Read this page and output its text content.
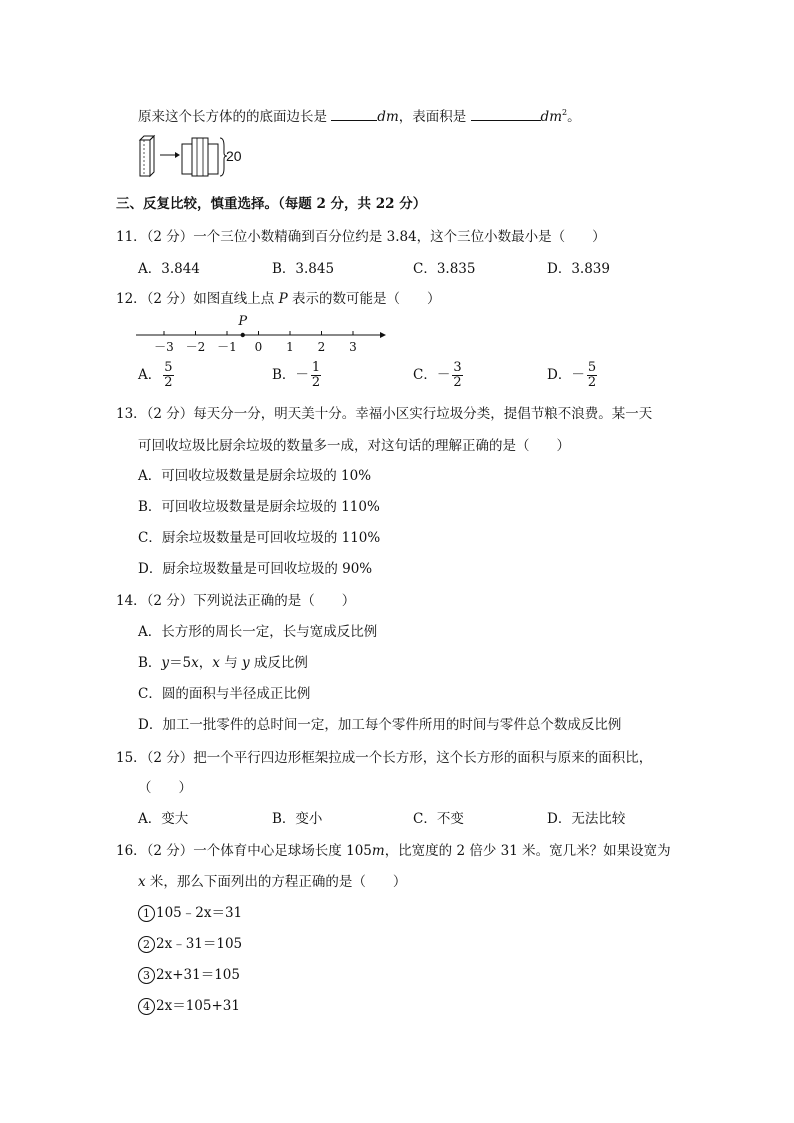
原来这个长方体的的底面边长是	dm，表面积是	$dm^2$。
20
三、反复比较，慎重选择。（每题 2 分，共 22 分）
11．（2 分）一个三位小数精确到百分位约是 3.84，这个三位小数最小是（　　）
A．3.844	B．3.845	C．3.835	D．3.839
12．（2 分）如图直线上点 P 表示的数可能是（　　）
－3 －2 －1 0 1 2 3
P
A． $\frac{5}{2}$	B．－ $\frac{1}{2}$	C．－ $\frac{3}{2}$	D．－ $\frac{5}{2}$
13．（2 分）每天分一分，明天美十分。幸福小区实行垃圾分类，提倡节粮不浪费。某一天
可回收垃圾比厨余垃圾的数量多一成，对这句话的理解正确的是（　　）
A．可回收垃圾数量是厨余垃圾的 10%
B．可回收垃圾数量是厨余垃圾的 110%
C．厨余垃圾数量是可回收垃圾的 110%
D．厨余垃圾数量是可回收垃圾的 90%
14．（2 分）下列说法正确的是（　　）
A．长方形的周长一定，长与宽成反比例
B．y＝5x，x 与 y 成反比例
C．圆的面积与半径成正比例
D．加工一批零件的总时间一定，加工每个零件所用的时间与零件总个数成反比例
15．（2 分）把一个平行四边形框架拉成一个长方形，这个长方形的面积与原来的面积比，
（　　）
A．变大	B．变小	C．不变	D．无法比较
16．（2 分）一个体育中心足球场长度 105m，比宽度的 2 倍少 31 米。宽几米？如果设宽为
x 米，那么下面列出的方程正确的是（　　）
1 105﹣2x＝31
2 2x﹣31＝105
3 2x+31＝105
4 2x＝105+31
